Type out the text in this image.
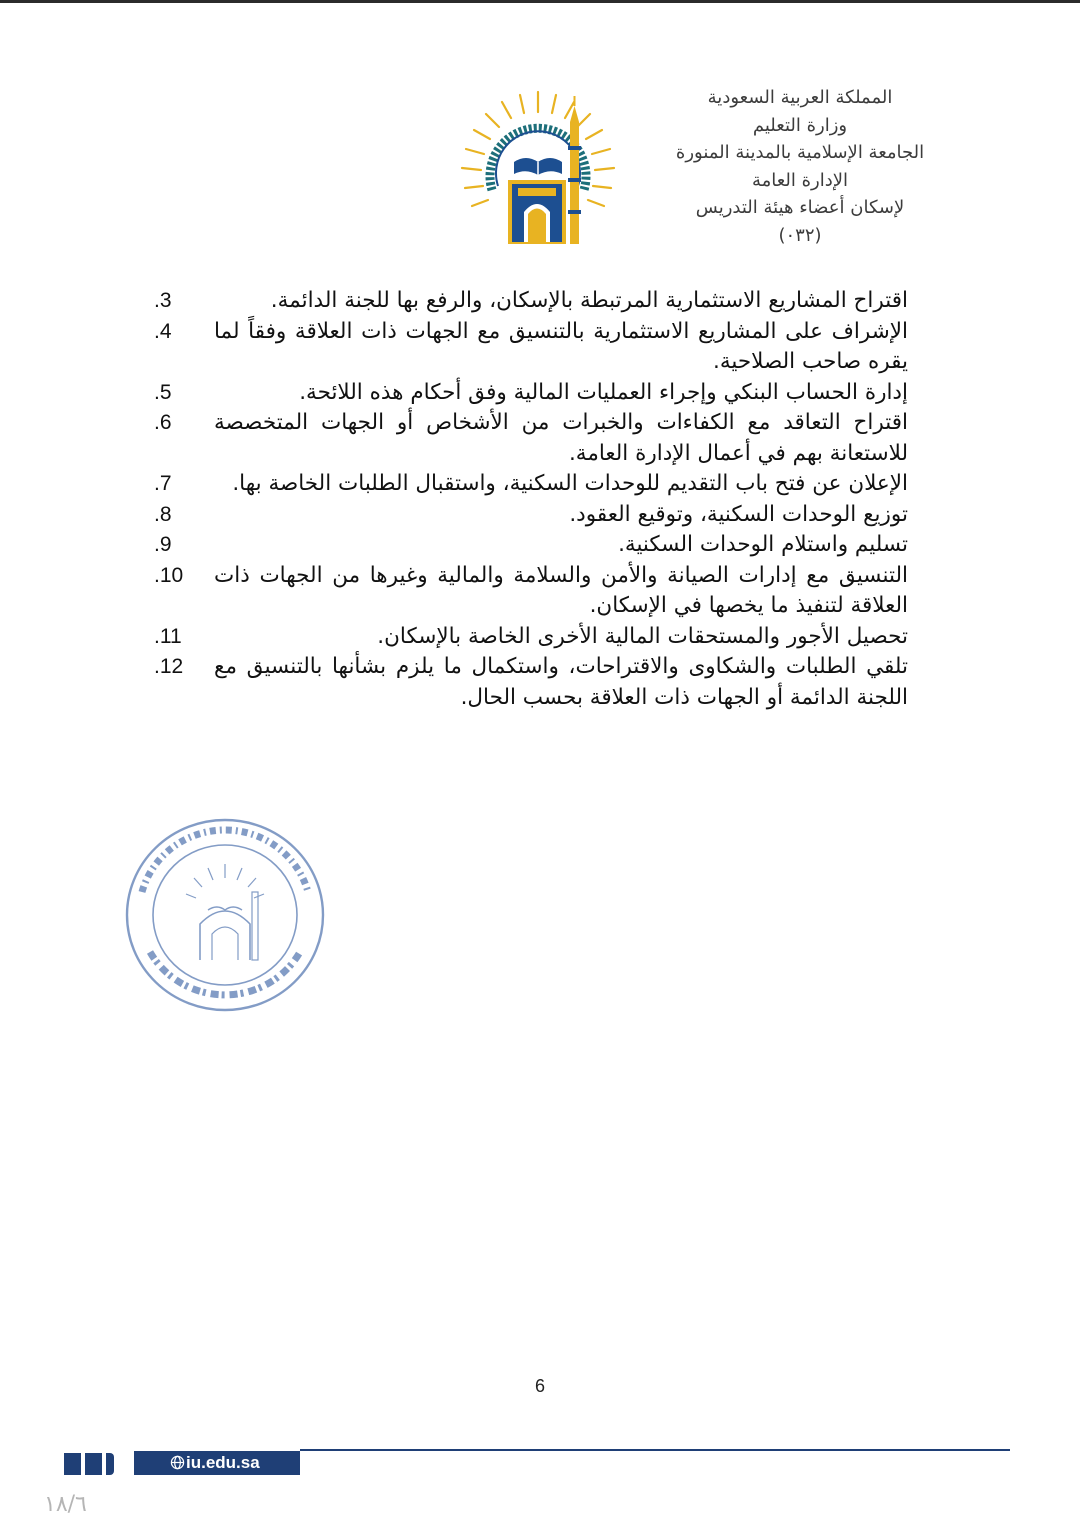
المملكة العربية السعودية
وزارة التعليم
الجامعة الإسلامية بالمدينة المنورة
الإدارة العامة
لإسكان أعضاء هيئة التدريس
(٠٣٢)
اقتراح المشاريع الاستثمارية المرتبطة بالإسكان، والرفع بها للجنة الدائمة.
.3
الإشراف على المشاريع الاستثمارية بالتنسيق مع الجهات ذات العلاقة وفقاً لما يقره صاحب الصلاحية.
.4
إدارة الحساب البنكي وإجراء العمليات المالية وفق أحكام هذه اللائحة.
.5
اقتراح التعاقد مع الكفاءات والخبرات من الأشخاص أو الجهات المتخصصة للاستعانة بهم في أعمال الإدارة العامة.
.6
الإعلان عن فتح باب التقديم للوحدات السكنية، واستقبال الطلبات الخاصة بها.
.7
توزيع الوحدات السكنية، وتوقيع العقود.
.8
تسليم واستلام الوحدات السكنية.
.9
التنسيق مع إدارات الصيانة والأمن والسلامة والمالية وغيرها من الجهات ذات العلاقة لتنفيذ ما يخصها في الإسكان.
.10
تحصيل الأجور والمستحقات المالية الأخرى الخاصة بالإسكان.
.11
تلقي الطلبات والشكاوى والاقتراحات، واستكمال ما يلزم بشأنها بالتنسيق مع اللجنة الدائمة أو الجهات ذات العلاقة بحسب الحال.
.12
6
iu.edu.sa
١٨/٦
